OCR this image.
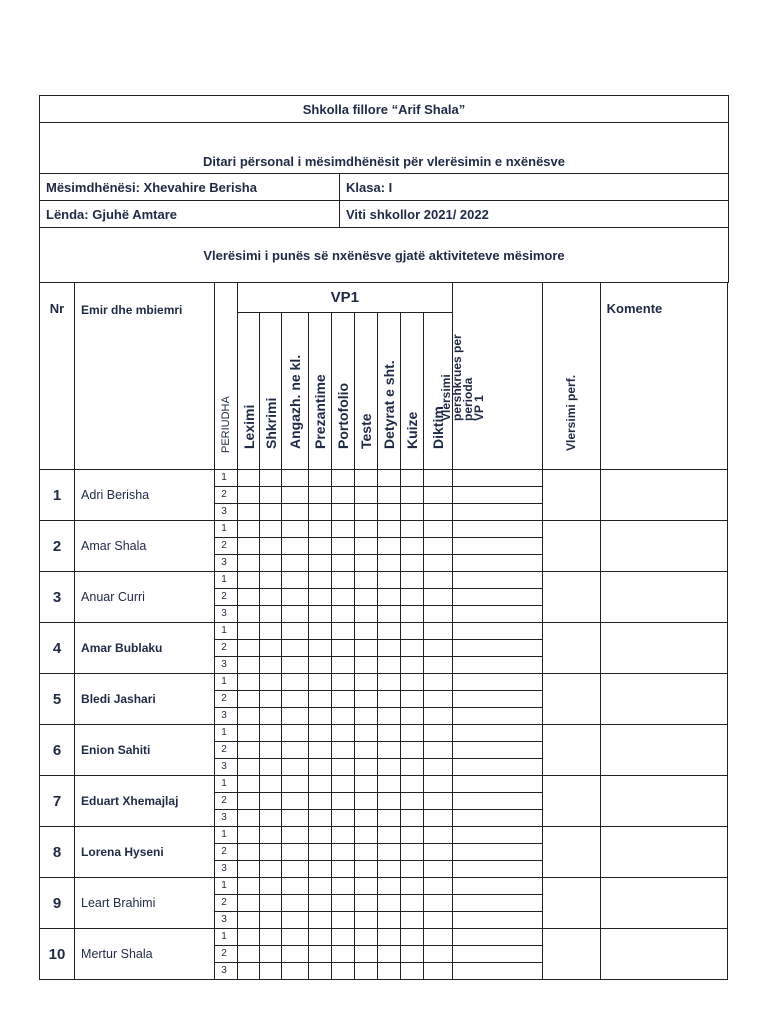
Shkolla fillore “Arif Shala”	
Ditari përsonal i mësimdhënësit për vlerësimin e nxënësve	
Mësimdhënësi: Xhevahire Berisha	Klasa: I
Lënda: Gjuhë Amtare	Viti shkollor 2021/ 2022
Vlerësimi i punës së nxënësve gjatë aktiviteteve mësimore	
Nr	Emir dhe mbiemri	PERIUDHA	VP1									Vlersimi
pershkrues per
perioda
VP 1	Vlersimi perf.	Komente

			Leximi	Shkrimi	Angazh. ne kl.	Prezantime	Portofolio	Teste	Detyrat e sht.	Kuize	Diktim			

1	Adri Berisha	1												
		2												
		3												
2	Amar Shala	1												
		2												
		3												
3	Anuar Curri	1												
		2												
		3												
4	Amar Bublaku	1												
		2												
		3												
5	Bledi Jashari	1												
		2												
		3												
6	Enion Sahiti	1												
		2												
		3												
7	Eduart Xhemajlaj	1												
		2												
		3												
8	Lorena Hyseni	1												
		2												
		3												
9	Leart Brahimi	1												
		2												
		3												
10	Mertur Shala	1												
		2												
		3												
